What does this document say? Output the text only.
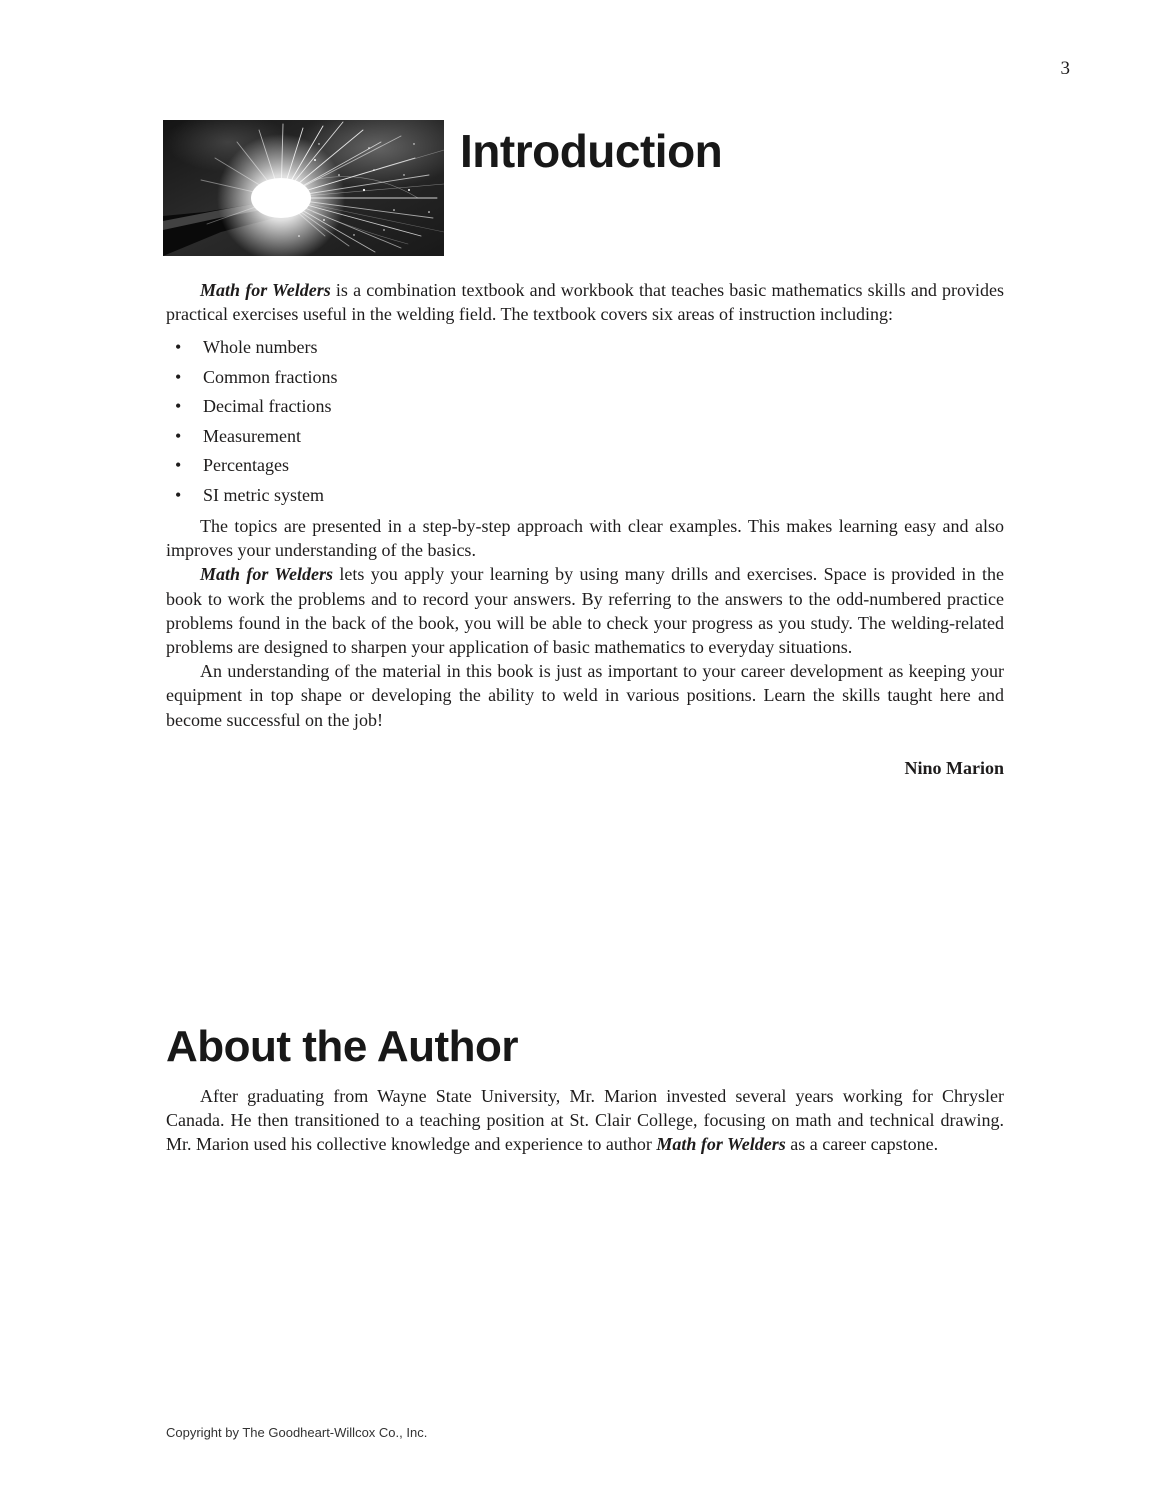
3
Introduction

Math for Welders is a combination textbook and workbook that teaches basic mathematics skills and provides practical exercises useful in the welding field. The textbook covers six areas of instruction including:

• Whole numbers
• Common fractions
• Decimal fractions
• Measurement
• Percentages
• SI metric system

The topics are presented in a step-by-step approach with clear examples. This makes learning easy and also improves your understanding of the basics.

Math for Welders lets you apply your learning by using many drills and exercises. Space is provided in the book to work the problems and to record your answers. By referring to the answers to the odd-numbered practice problems found in the back of the book, you will be able to check your progress as you study. The welding-related problems are designed to sharpen your application of basic mathematics to everyday situations.

An understanding of the material in this book is just as important to your career development as keeping your equipment in top shape or developing the ability to weld in various positions. Learn the skills taught here and become successful on the job!

Nino Marion

About the Author

After graduating from Wayne State University, Mr. Marion invested several years working for Chrysler Canada. He then transitioned to a teaching position at St. Clair College, focusing on math and technical drawing. Mr. Marion used his collective knowledge and experience to author Math for Welders as a career capstone.

Copyright by The Goodheart-Willcox Co., Inc.
